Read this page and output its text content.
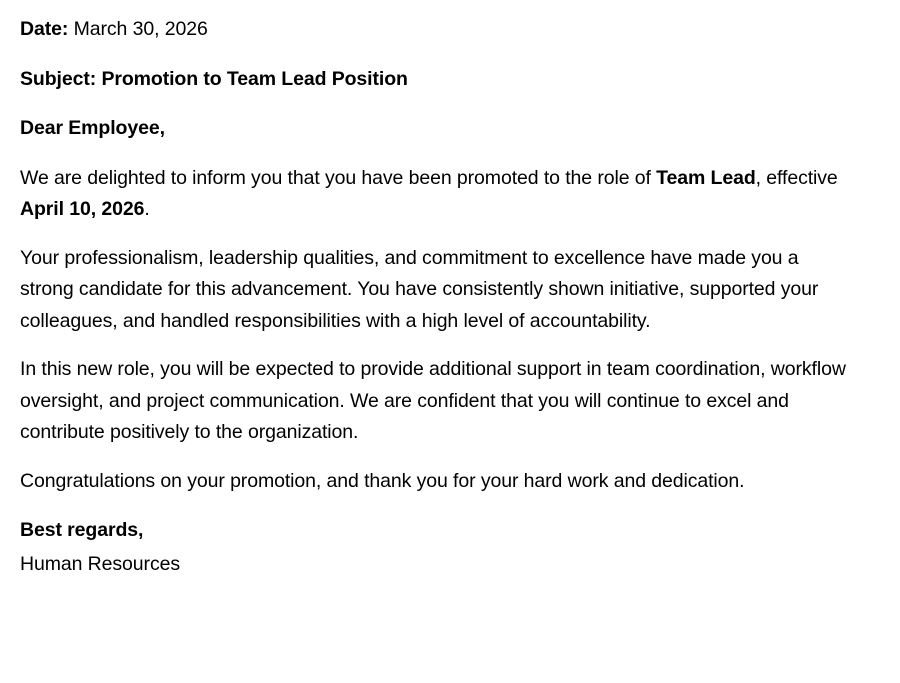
Date: March 30, 2026

Subject: Promotion to Team Lead Position

Dear Employee,

We are delighted to inform you that you have been promoted to the role of Team Lead, effective April 10, 2026.

Your professionalism, leadership qualities, and commitment to excellence have made you a strong candidate for this advancement. You have consistently shown initiative, supported your colleagues, and handled responsibilities with a high level of accountability.

In this new role, you will be expected to provide additional support in team coordination, workflow oversight, and project communication. We are confident that you will continue to excel and contribute positively to the organization.

Congratulations on your promotion, and thank you for your hard work and dedication.

Best regards,

Human Resources
